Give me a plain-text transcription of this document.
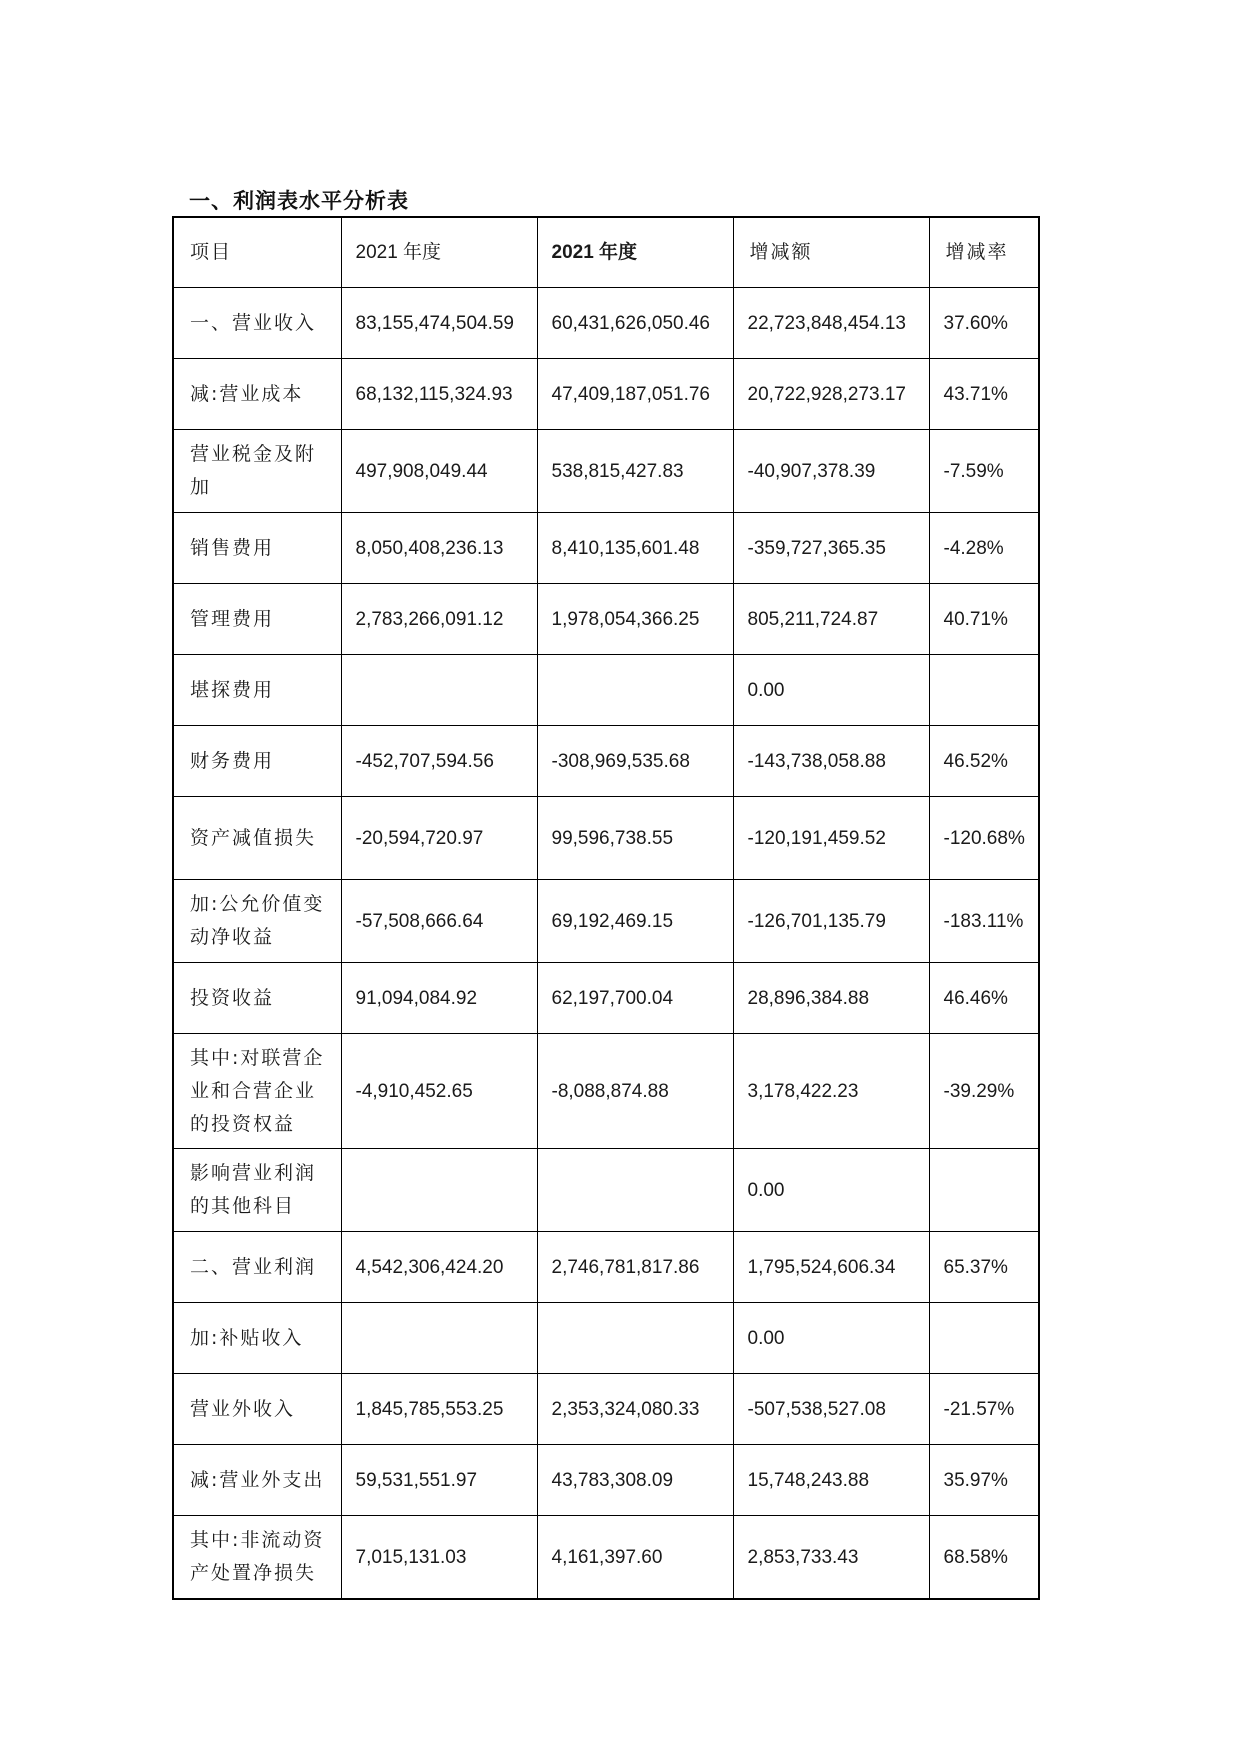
一、利润表水平分析表
项目	2021 年度	2021 年度	增减额	增减率
一、营业收入	83,155,474,504.59	60,431,626,050.46	22,723,848,454.13	37.60%
减:营业成本	68,132,115,324.93	47,409,187,051.76	20,722,928,273.17	43.71%
营业税金及附加	497,908,049.44	538,815,427.83	-40,907,378.39	-7.59%
销售费用	8,050,408,236.13	8,410,135,601.48	-359,727,365.35	-4.28%
管理费用	2,783,266,091.12	1,978,054,366.25	805,211,724.87	40.71%
堪探费用			0.00	
财务费用	-452,707,594.56	-308,969,535.68	-143,738,058.88	46.52%
资产减值损失	-20,594,720.97	99,596,738.55	-120,191,459.52	-120.68%
加:公允价值变动净收益	-57,508,666.64	69,192,469.15	-126,701,135.79	-183.11%
投资收益	91,094,084.92	62,197,700.04	28,896,384.88	46.46%
其中:对联营企业和合营企业的投资权益	-4,910,452.65	-8,088,874.88	3,178,422.23	-39.29%
影响营业利润的其他科目			0.00	
二、营业利润	4,542,306,424.20	2,746,781,817.86	1,795,524,606.34	65.37%
加:补贴收入			0.00	
营业外收入	1,845,785,553.25	2,353,324,080.33	-507,538,527.08	-21.57%
减:营业外支出	59,531,551.97	43,783,308.09	15,748,243.88	35.97%
其中:非流动资产处置净损失	7,015,131.03	4,161,397.60	2,853,733.43	68.58%
